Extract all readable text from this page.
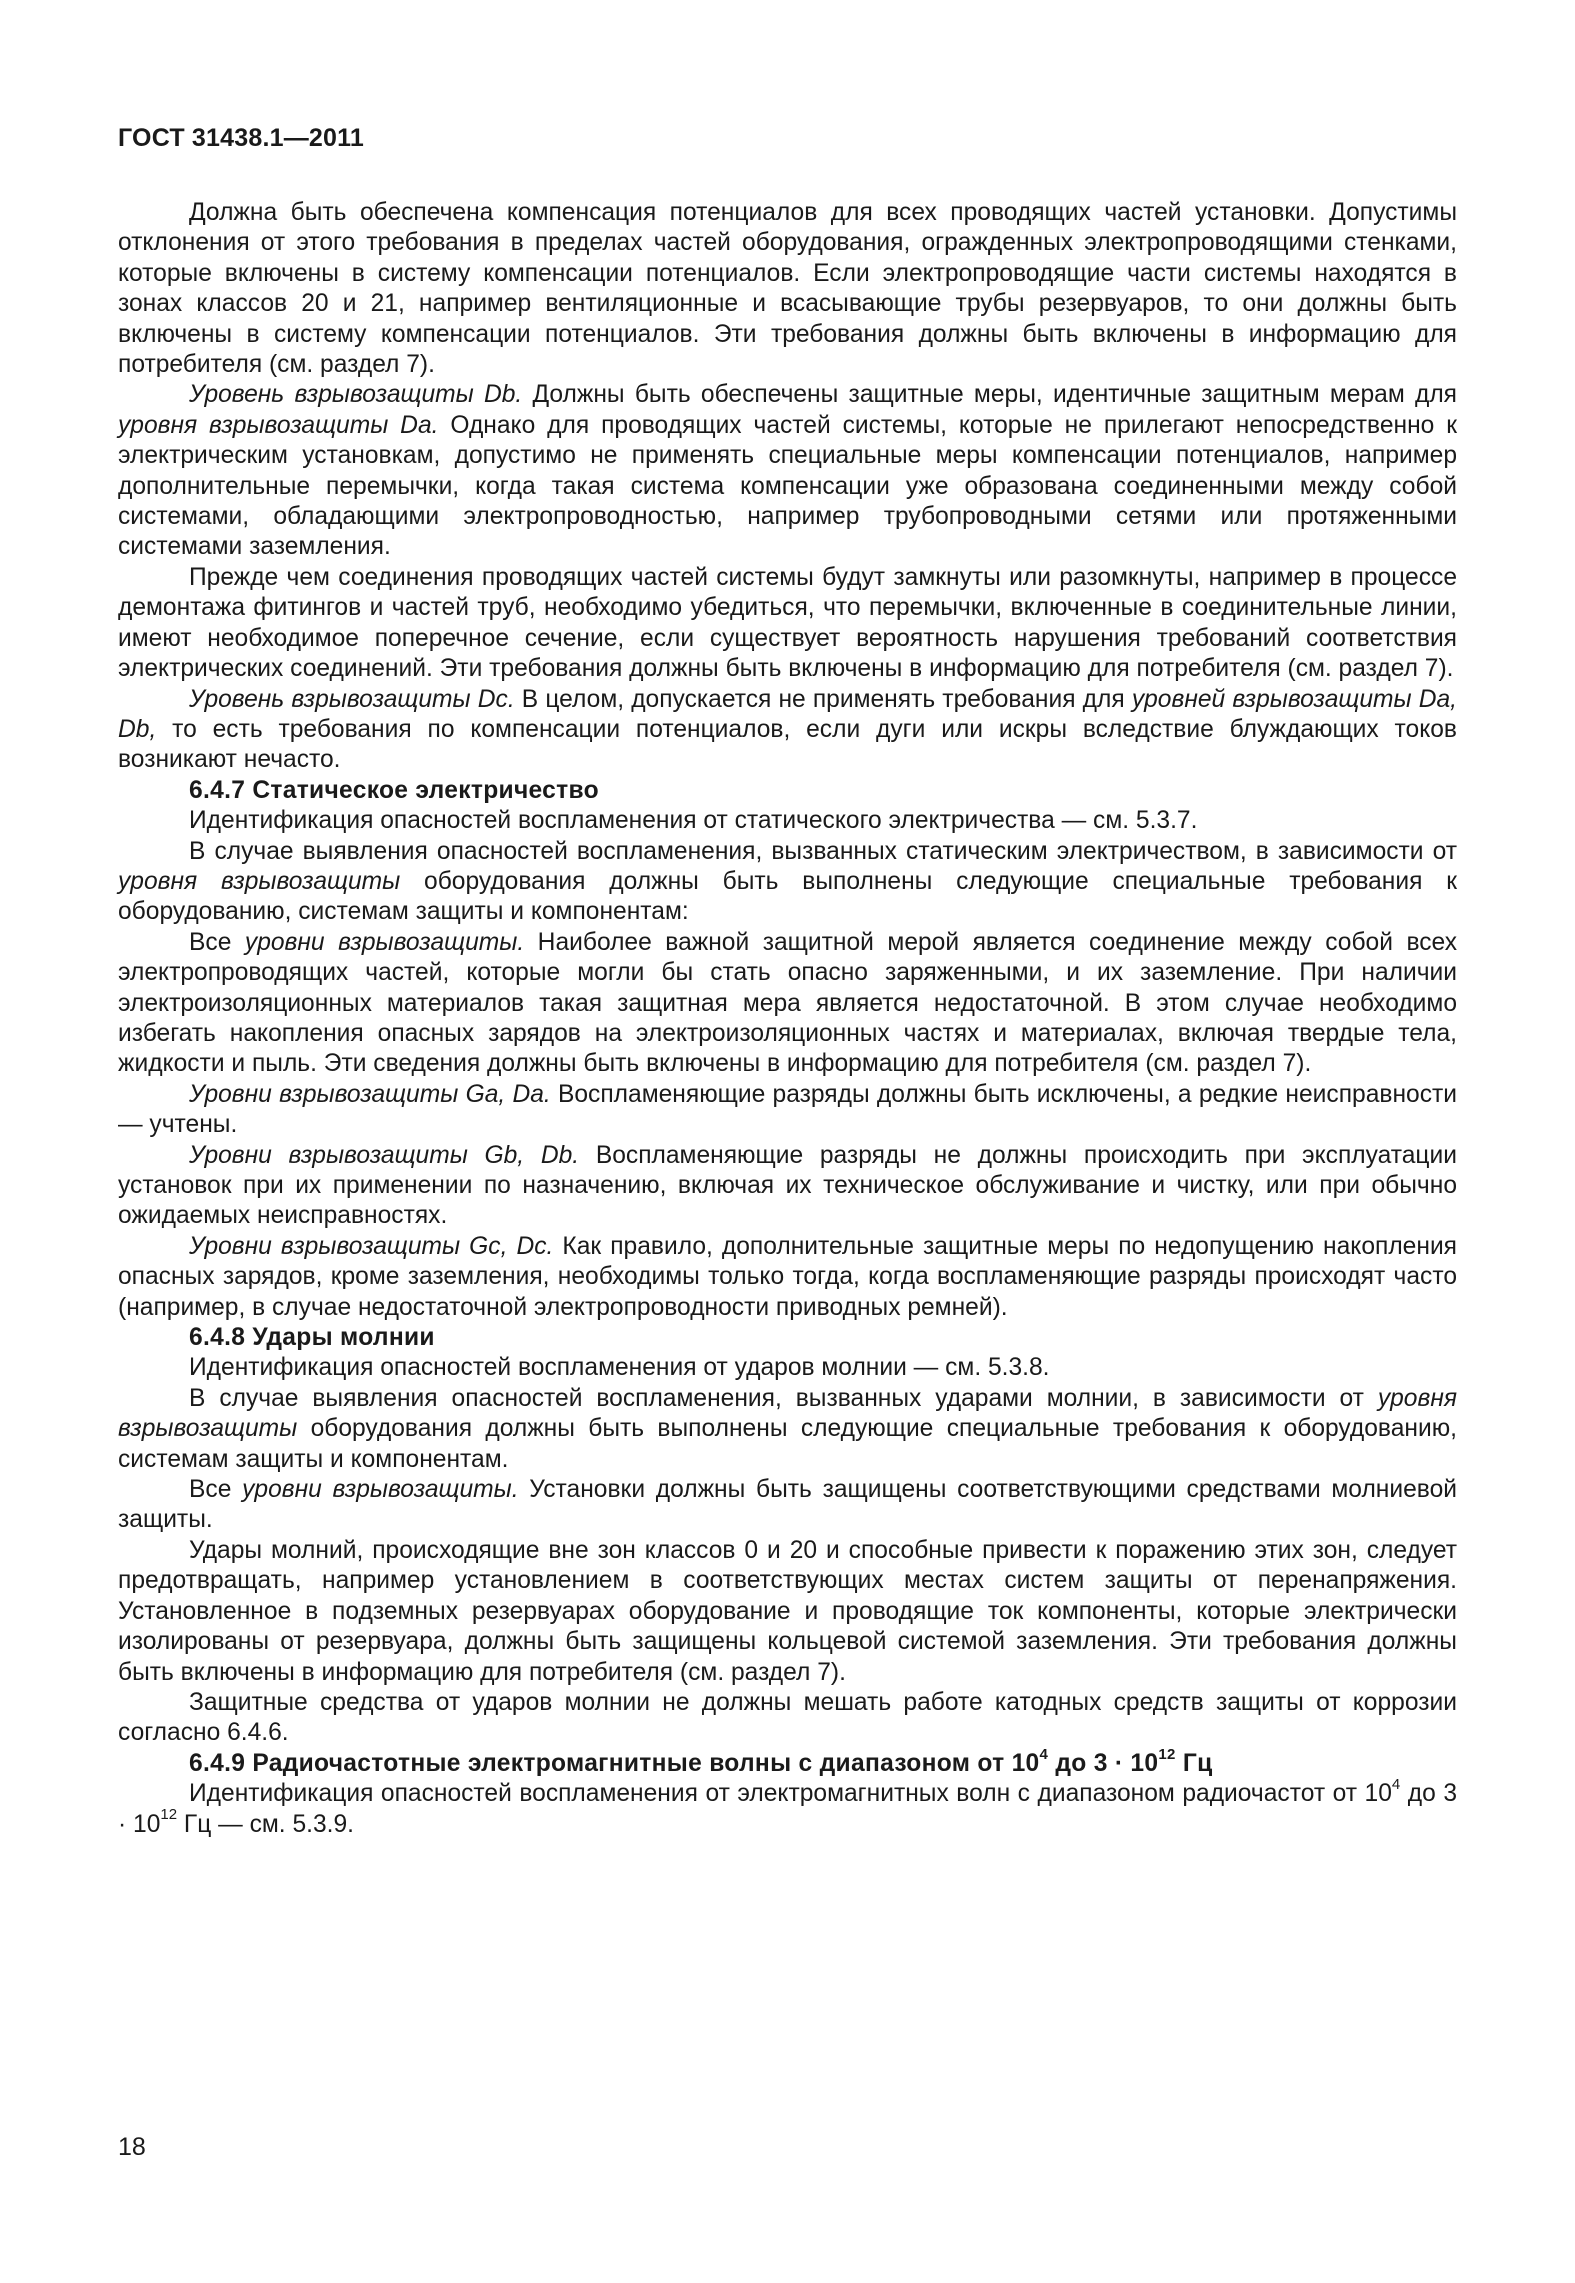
ГОСТ 31438.1—2011

Должна быть обеспечена компенсация потенциалов для всех проводящих частей установки. Допустимы отклонения от этого требования в пределах частей оборудования, огражденных электропроводящими стенками, которые включены в систему компенсации потенциалов. Если электропроводящие части системы находятся в зонах классов 20 и 21, например вентиляционные и всасывающие трубы резервуаров, то они должны быть включены в систему компенсации потенциалов. Эти требования должны быть включены в информацию для потребителя (см. раздел 7).

Уровень взрывозащиты Db. Должны быть обеспечены защитные меры, идентичные защитным мерам для уровня взрывозащиты Da. Однако для проводящих частей системы, которые не прилегают непосредственно к электрическим установкам, допустимо не применять специальные меры компенсации потенциалов, например дополнительные перемычки, когда такая система компенсации уже образована соединенными между собой системами, обладающими электропроводностью, например трубопроводными сетями или протяженными системами заземления.

Прежде чем соединения проводящих частей системы будут замкнуты или разомкнуты, например в процессе демонтажа фитингов и частей труб, необходимо убедиться, что перемычки, включенные в соединительные линии, имеют необходимое поперечное сечение, если существует вероятность нарушения требований соответствия электрических соединений. Эти требования должны быть включены в информацию для потребителя (см. раздел 7).

Уровень взрывозащиты Dc. В целом, допускается не применять требования для уровней взрывозащиты Da, Db, то есть требования по компенсации потенциалов, если дуги или искры вследствие блуждающих токов возникают нечасто.

6.4.7 Статическое электричество

Идентификация опасностей воспламенения от статического электричества — см. 5.3.7.

В случае выявления опасностей воспламенения, вызванных статическим электричеством, в зависимости от уровня взрывозащиты оборудования должны быть выполнены следующие специальные требования к оборудованию, системам защиты и компонентам:

Все уровни взрывозащиты. Наиболее важной защитной мерой является соединение между собой всех электропроводящих частей, которые могли бы стать опасно заряженными, и их заземление. При наличии электроизоляционных материалов такая защитная мера является недостаточной. В этом случае необходимо избегать накопления опасных зарядов на электроизоляционных частях и материалах, включая твердые тела, жидкости и пыль. Эти сведения должны быть включены в информацию для потребителя (см. раздел 7).

Уровни взрывозащиты Ga, Da. Воспламеняющие разряды должны быть исключены, а редкие неисправности — учтены.

Уровни взрывозащиты Gb, Db. Воспламеняющие разряды не должны происходить при эксплуатации установок при их применении по назначению, включая их техническое обслуживание и чистку, или при обычно ожидаемых неисправностях.

Уровни взрывозащиты Gc, Dc. Как правило, дополнительные защитные меры по недопущению накопления опасных зарядов, кроме заземления, необходимы только тогда, когда воспламеняющие разряды происходят часто (например, в случае недостаточной электропроводности приводных ремней).

6.4.8 Удары молнии

Идентификация опасностей воспламенения от ударов молнии — см. 5.3.8.

В случае выявления опасностей воспламенения, вызванных ударами молнии, в зависимости от уровня взрывозащиты оборудования должны быть выполнены следующие специальные требования к оборудованию, системам защиты и компонентам.

Все уровни взрывозащиты. Установки должны быть защищены соответствующими средствами молниевой защиты.

Удары молний, происходящие вне зон классов 0 и 20 и способные привести к поражению этих зон, следует предотвращать, например установлением в соответствующих местах систем защиты от перенапряжения. Установленное в подземных резервуарах оборудование и проводящие ток компоненты, которые электрически изолированы от резервуара, должны быть защищены кольцевой системой заземления. Эти требования должны быть включены в информацию для потребителя (см. раздел 7).

Защитные средства от ударов молнии не должны мешать работе катодных средств защиты от коррозии согласно 6.4.6.

6.4.9 Радиочастотные электромагнитные волны с диапазоном от $10^4$ до $3 \cdot 10^{12}$ Гц

Идентификация опасностей воспламенения от электромагнитных волн с диапазоном радиочастот от $10^4$ до $3 \cdot 10^{12}$ Гц — см. 5.3.9.

18
